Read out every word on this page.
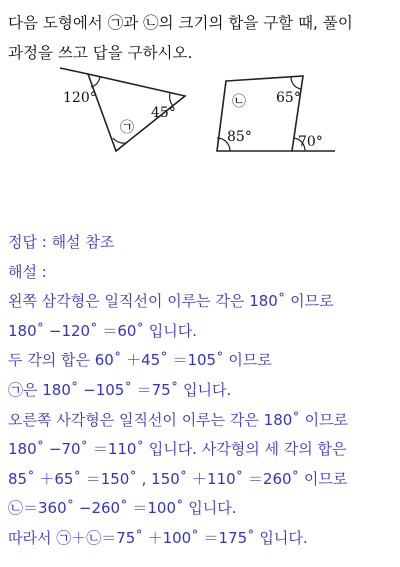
다음 도형에서 ㉠과 ㉡의 크기의 합을 구할 때, 풀이
과정을 쓰고 답을 구하시오.
120°
45°
㉠
㉡ 65°
85°	70°
정답 : 해설 참조
해설 :
왼쪽 삼각형은 일직선이 이루는 각은 180˚ 이므로
180˚ −120˚ ＝60˚ 입니다.
두 각의 합은 60˚ ＋45˚ ＝105˚ 이므로
㉠은 180˚ −105˚ ＝75˚ 입니다.
오른쪽 사각형은 일직선이 이루는 각은 180˚ 이므로
180˚ −70˚ ＝110˚ 입니다. 사각형의 세 각의 합은
85˚ ＋65˚ ＝150˚ , 150˚ ＋110˚ ＝260˚ 이므로
㉡＝360˚ −260˚ ＝100˚ 입니다.
따라서 ㉠＋㉡＝75˚ ＋100˚ ＝175˚ 입니다.
